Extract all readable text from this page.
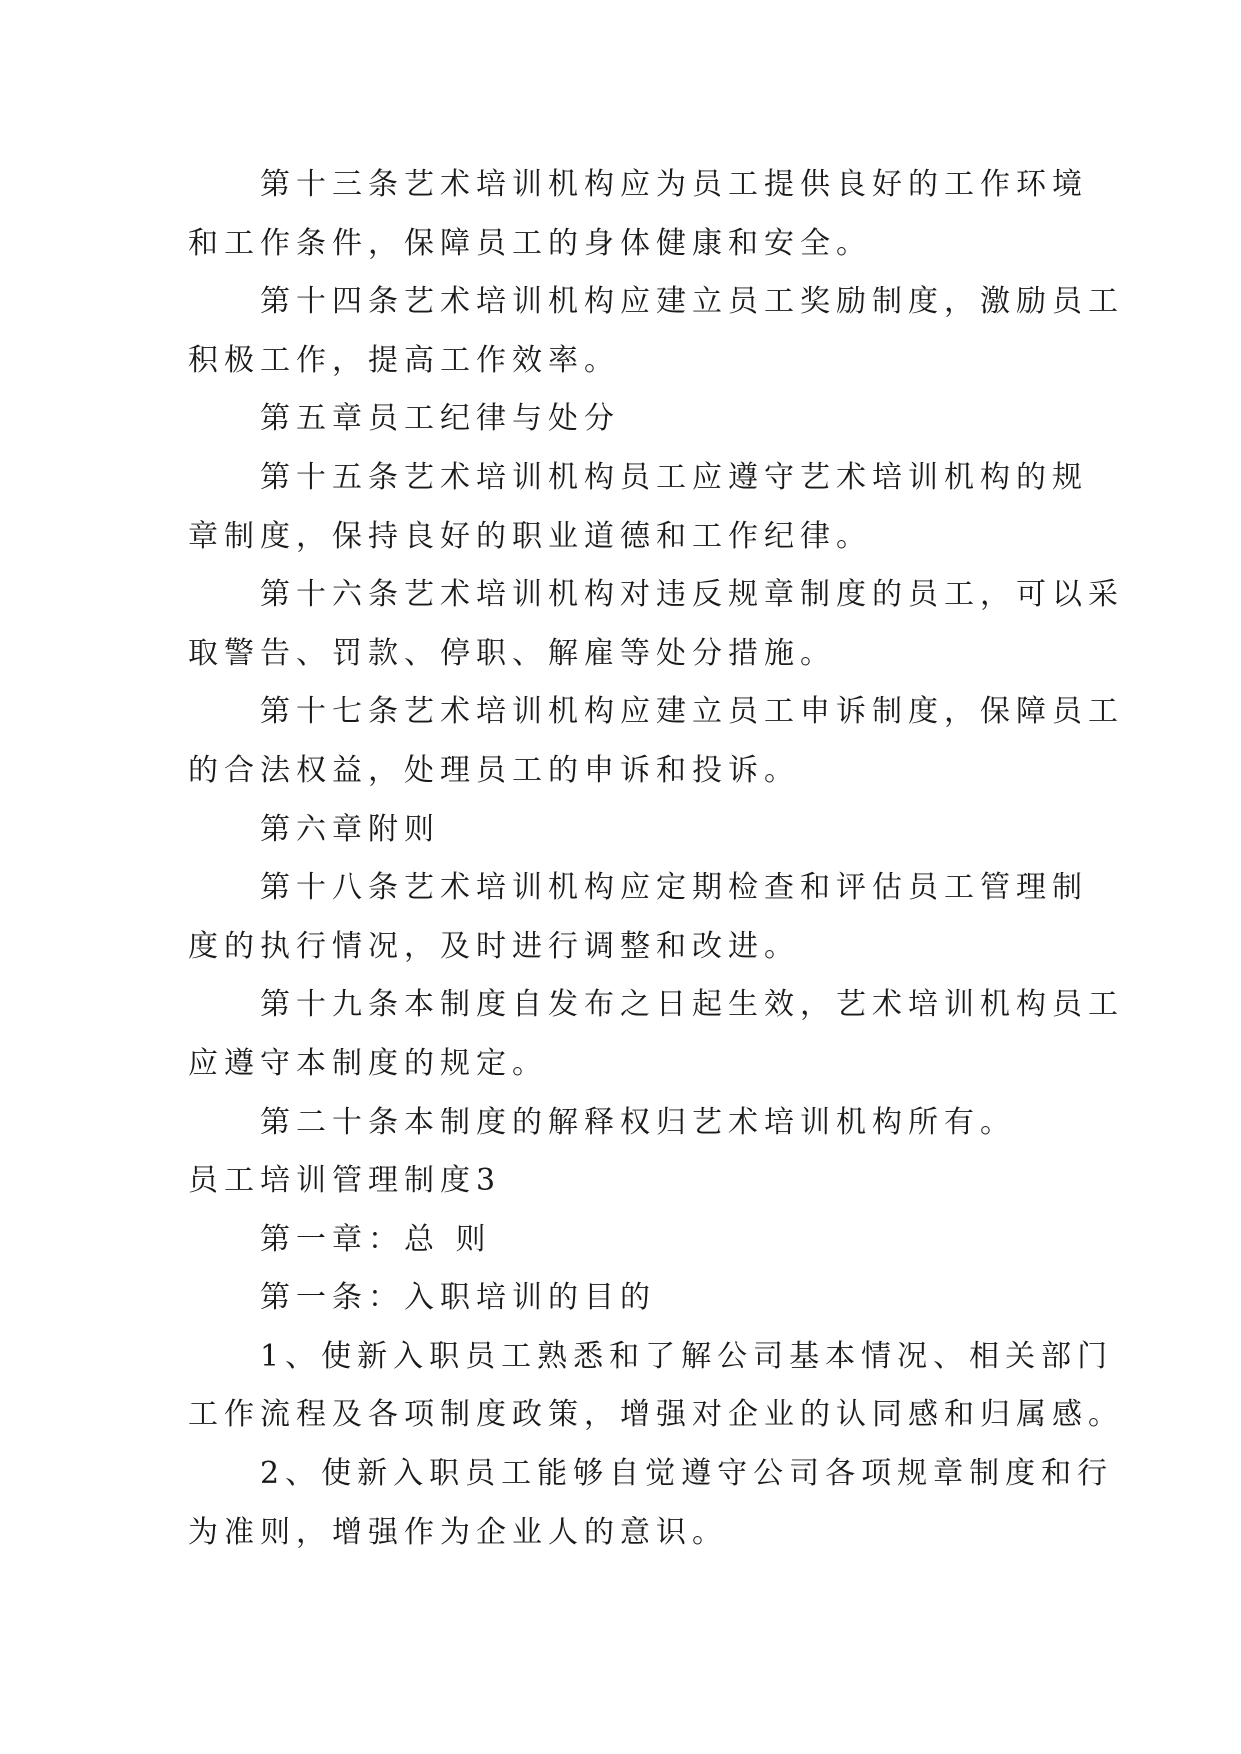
第十三条艺术培训机构应为员工提供良好的工作环境
和工作条件，保障员工的身体健康和安全。
第十四条艺术培训机构应建立员工奖励制度，激励员工
积极工作，提高工作效率。
第五章员工纪律与处分
第十五条艺术培训机构员工应遵守艺术培训机构的规
章制度，保持良好的职业道德和工作纪律。
第十六条艺术培训机构对违反规章制度的员工，可以采
取警告、罚款、停职、解雇等处分措施。
第十七条艺术培训机构应建立员工申诉制度，保障员工
的合法权益，处理员工的申诉和投诉。
第六章附则
第十八条艺术培训机构应定期检查和评估员工管理制
度的执行情况，及时进行调整和改进。
第十九条本制度自发布之日起生效，艺术培训机构员工
应遵守本制度的规定。
第二十条本制度的解释权归艺术培训机构所有。
员工培训管理制度3
第一章：总 则
第一条：入职培训的目的
1、使新入职员工熟悉和了解公司基本情况、相关部门
工作流程及各项制度政策，增强对企业的认同感和归属感。
2、使新入职员工能够自觉遵守公司各项规章制度和行
为准则，增强作为企业人的意识。
